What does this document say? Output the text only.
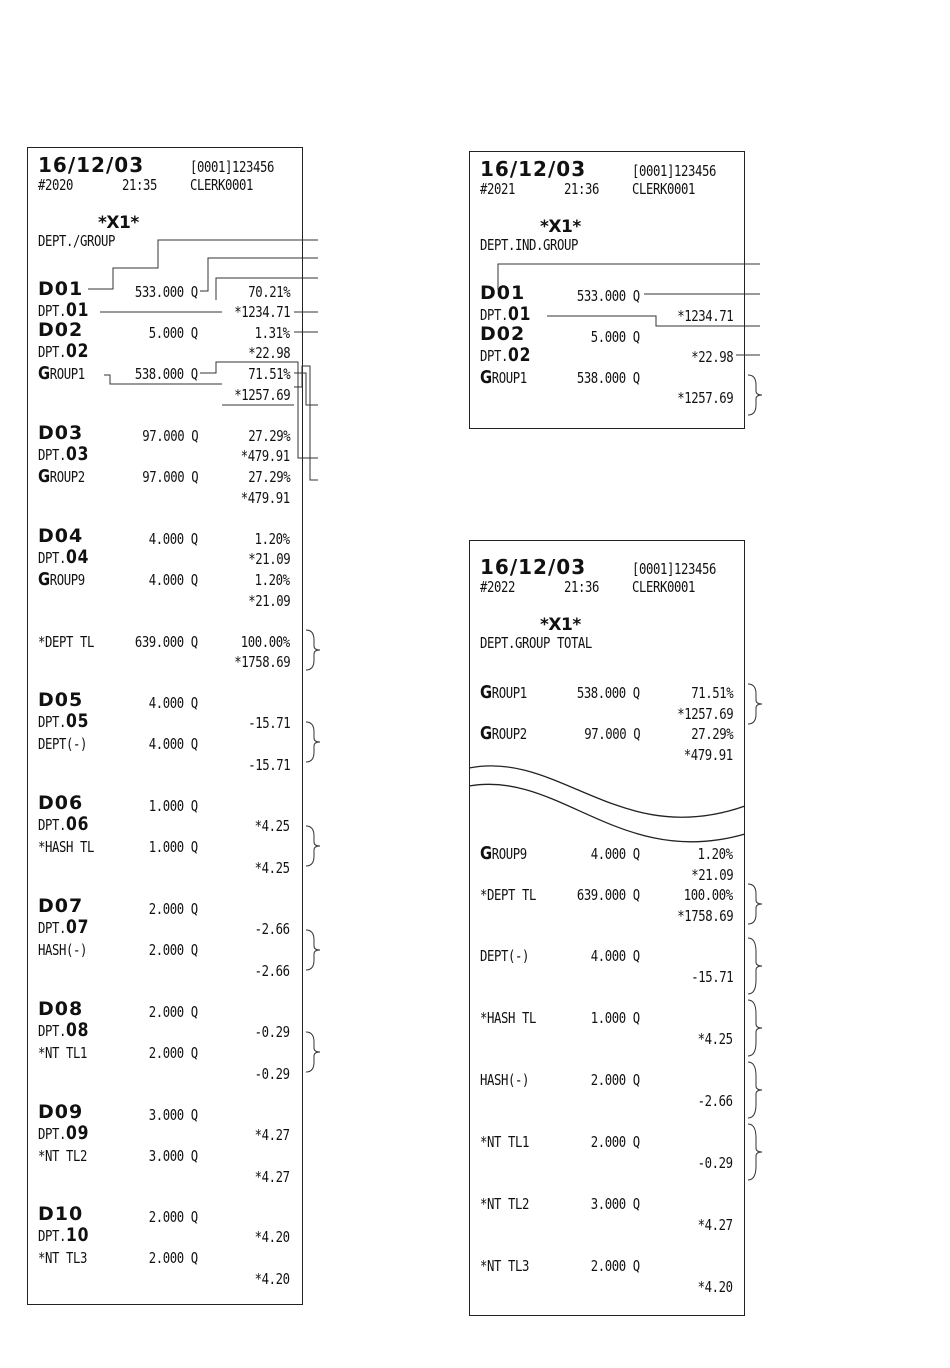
16/12/03	[0001]123456
#2020	21:35 CLERK0001
*X1*
DEPT./GROUP
D01	533.000 Q	70.21%
DPT.01	*1234.71
D02	5.000 Q	1.31%
DPT.02	*22.98
GROUP1	538.000 Q	71.51%
*1257.69
D03	97.000 Q	27.29%
DPT.03	*479.91
GROUP2	97.000 Q	27.29%
*479.91
D04	4.000 Q	1.20%
DPT.04	*21.09
GROUP9	4.000 Q	1.20%
*21.09
*DEPT TL	639.000 Q	100.00%
*1758.69
D05	4.000 Q
DPT.05	-15.71
DEPT(-)	4.000 Q
-15.71
D06	1.000 Q
DPT.06	*4.25
*HASH TL	1.000 Q
*4.25
D07	2.000 Q
DPT.07	-2.66
HASH(-)	2.000 Q
-2.66
D08	2.000 Q
DPT.08	-0.29
*NT TL1	2.000 Q
-0.29
D09	3.000 Q
DPT.09	*4.27
*NT TL2	3.000 Q
*4.27
D10	2.000 Q
DPT.10	*4.20
*NT TL3	2.000 Q
*4.20
16/12/03	[0001]123456
#2021	21:36 CLERK0001
*X1*
DEPT.IND.GROUP
D01	533.000 Q
DPT.01	*1234.71
D02	5.000 Q
DPT.02	*22.98
GROUP1	538.000 Q
*1257.69
16/12/03	[0001]123456
#2022	21:36 CLERK0001
*X1*
DEPT.GROUP TOTAL
GROUP1	538.000 Q	71.51%
*1257.69
GROUP2	97.000 Q	27.29%
*479.91
GROUP9	4.000 Q	1.20%
*21.09
*DEPT TL	639.000 Q	100.00%
*1758.69
DEPT(-)	4.000 Q
-15.71
*HASH TL	1.000 Q
*4.25
HASH(-)	2.000 Q
-2.66
*NT TL1	2.000 Q
-0.29
*NT TL2	3.000 Q
*4.27
*NT TL3	2.000 Q
*4.20
